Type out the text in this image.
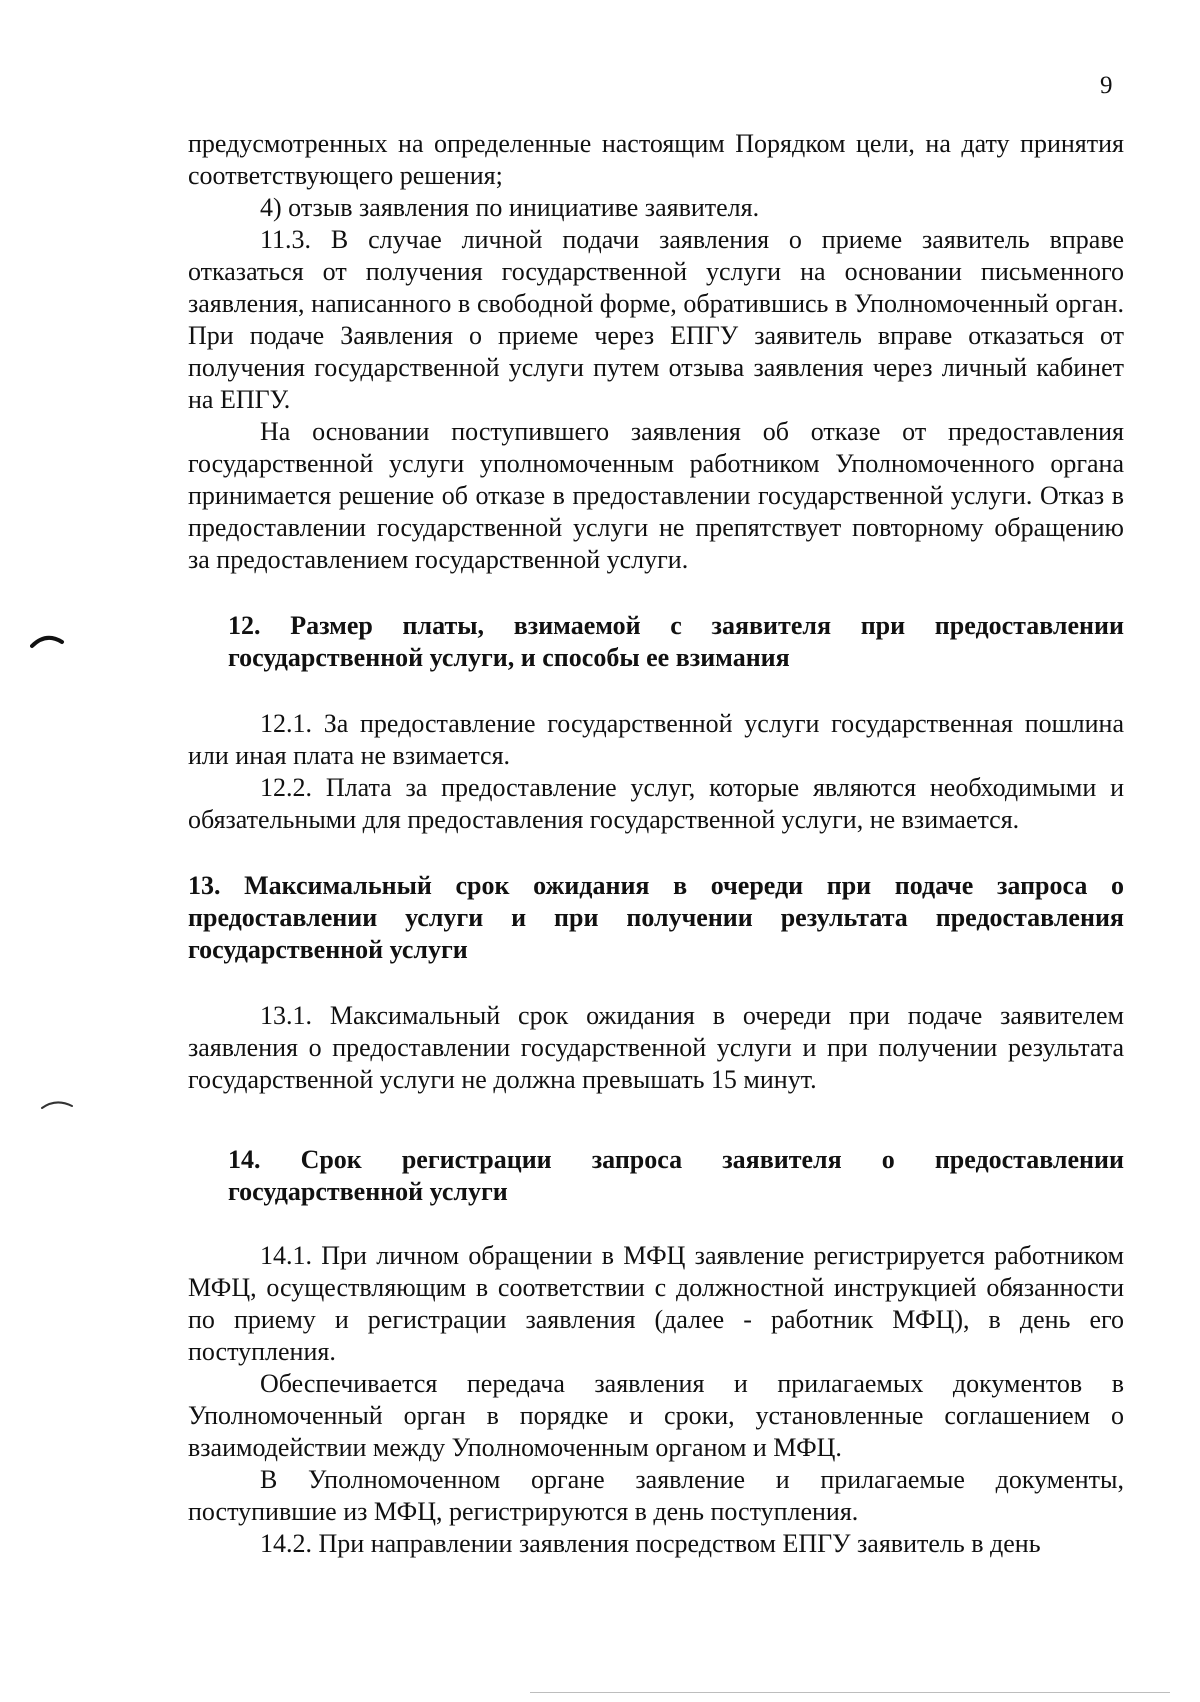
9

предусмотренных на определенные настоящим Порядком цели, на дату принятия соответствующего решения;

4) отзыв заявления по инициативе заявителя.

11.3. В случае личной подачи заявления о приеме заявитель вправе отказаться от получения государственной услуги на основании письменного заявления, написанного в свободной форме, обратившись в Уполномоченный орган. При подаче Заявления о приеме через ЕПГУ заявитель вправе отказаться от получения государственной услуги путем отзыва заявления через личный кабинет на ЕПГУ.

На основании поступившего заявления об отказе от предоставления государственной услуги уполномоченным работником Уполномоченного органа принимается решение об отказе в предоставлении государственной услуги. Отказ в предоставлении государственной услуги не препятствует повторному обращению за предоставлением государственной услуги.

12. Размер платы, взимаемой с заявителя при предоставлении государственной услуги, и способы ее взимания

12.1. За предоставление государственной услуги государственная пошлина или иная плата не взимается.

12.2. Плата за предоставление услуг, которые являются необходимыми и обязательными для предоставления государственной услуги, не взимается.

13. Максимальный срок ожидания в очереди при подаче запроса о предоставлении услуги и при получении результата предоставления государственной услуги

13.1. Максимальный срок ожидания в очереди при подаче заявителем заявления о предоставлении государственной услуги и при получении результата государственной услуги не должна превышать 15 минут.

14. Срок регистрации запроса заявителя о предоставлении государственной услуги

14.1. При личном обращении в МФЦ заявление регистрируется работником МФЦ, осуществляющим в соответствии с должностной инструкцией обязанности по приему и регистрации заявления (далее - работник МФЦ), в день его поступления.

Обеспечивается передача заявления и прилагаемых документов в Уполномоченный орган в порядке и сроки, установленные соглашением о взаимодействии между Уполномоченным органом и МФЦ.

В Уполномоченном органе заявление и прилагаемые документы, поступившие из МФЦ, регистрируются в день поступления.

14.2. При направлении заявления посредством ЕПГУ заявитель в день
